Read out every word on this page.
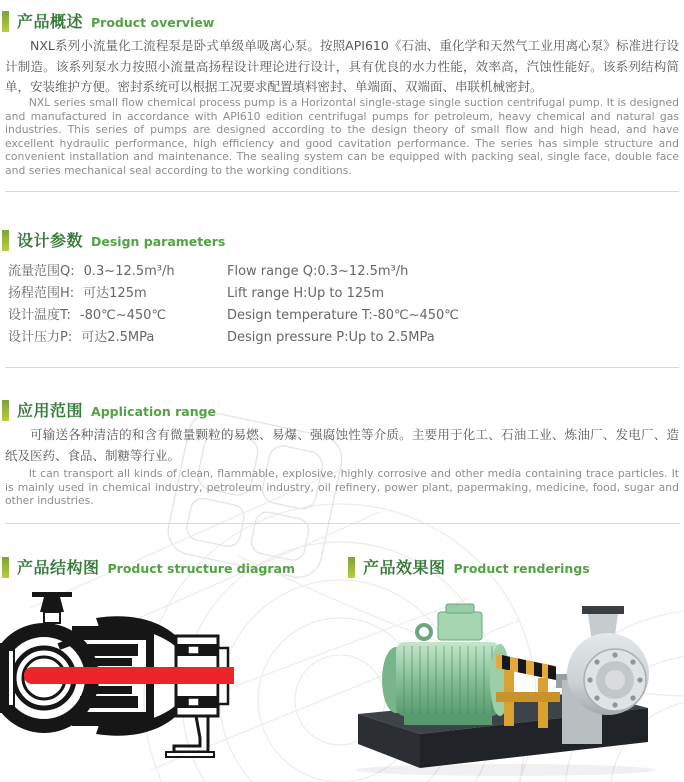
产品概述 Product overview
NXL系列小流量化工流程泵是卧式单级单吸离心泵。按照API610《石油、重化学和天然气工业用离心泵》标准进行设计制造。该系列泵水力按照小流量高扬程设计理论进行设计，具有优良的水力性能，效率高，汽蚀性能好。该系列结构简单，安装维护方便。密封系统可以根据工况要求配置填料密封、单端面、双端面、串联机械密封。
NXL series small flow chemical process pump is a Horizontal single-stage single suction centrifugal pump. It is designed and manufactured in accordance with API610 edition centrifugal pumps for petroleum, heavy chemical and natural gas industries. This series of pumps are designed according to the design theory of small flow and high head, and have excellent hydraulic performance, high efficiency and good cavitation performance. The series has simple structure and convenient installation and maintenance. The sealing system can be equipped with packing seal, single face, double face and series mechanical seal according to the working conditions.
设计参数 Design parameters
流量范围Q: 0.3~12.5m³/h
扬程范围H: 可达125m
设计温度T: -80℃~450℃
设计压力P: 可达2.5MPa
Flow range Q:0.3~12.5m³/h
Lift range H:Up to 125m
Design temperature T:-80℃~450℃
Design pressure P:Up to 2.5MPa
应用范围 Application range
可输送各种清洁的和含有微量颗粒的易燃、易爆、强腐蚀性等介质。主要用于化工、石油工业、炼油厂、发电厂、造纸及医药、食品、制糖等行业。
It can transport all kinds of clean, flammable, explosive, highly corrosive and other media containing trace particles. It is mainly used in chemical industry, petroleum industry, oil refinery, power plant, papermaking, medicine, food, sugar and other industries.
产品结构图 Product structure diagram	产品效果图 Product renderings
